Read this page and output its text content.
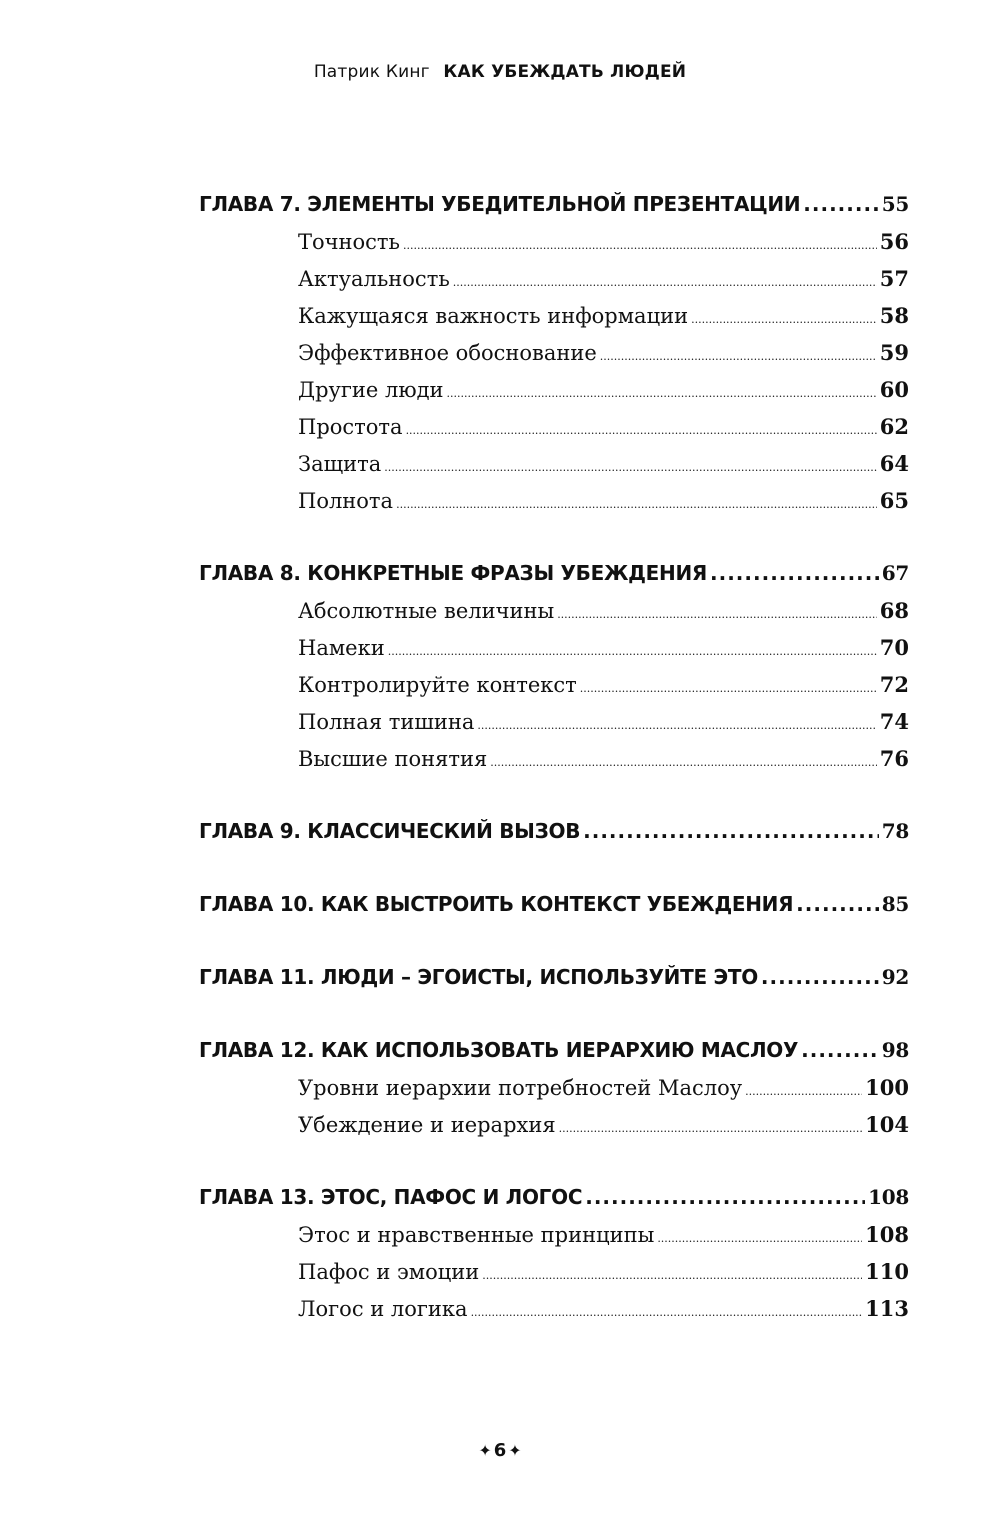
Патрик Кинг КАК УБЕЖДАТЬ ЛЮДЕЙ
ГЛАВА 7. ЭЛЕМЕНТЫ УБЕДИТЕЛЬНОЙ ПРЕЗЕНТАЦИИ .....	55
Точность .....	56
Актуальность .....	57
Кажущаяся важность информации .....	58
Эффективное обоснование .....	59
Другие люди .....	60
Простота .....	62
Защита .....	64
Полнота .....	65
ГЛАВА 8. КОНКРЕТНЫЕ ФРАЗЫ УБЕЖДЕНИЯ .....	67
Абсолютные величины .....	68
Намеки .....	70
Контролируйте контекст .....	72
Полная тишина .....	74
Высшие понятия .....	76
ГЛАВА 9. КЛАССИЧЕСКИЙ ВЫЗОВ .....	78
ГЛАВА 10. КАК ВЫСТРОИТЬ КОНТЕКСТ УБЕЖДЕНИЯ .....	85
ГЛАВА 11. ЛЮДИ – ЭГОИСТЫ, ИСПОЛЬЗУЙТЕ ЭТО .....	92
ГЛАВА 12. КАК ИСПОЛЬЗОВАТЬ ИЕРАРХИЮ МАСЛОУ .....	98
Уровни иерархии потребностей Маслоу .....	100
Убеждение и иерархия .....	104
ГЛАВА 13. ЭТОС, ПАФОС И ЛОГОС .....	108
Этос и нравственные принципы .....	108
Пафос и эмоции .....	110
Логос и логика .....	113
✦ 6 ✦
